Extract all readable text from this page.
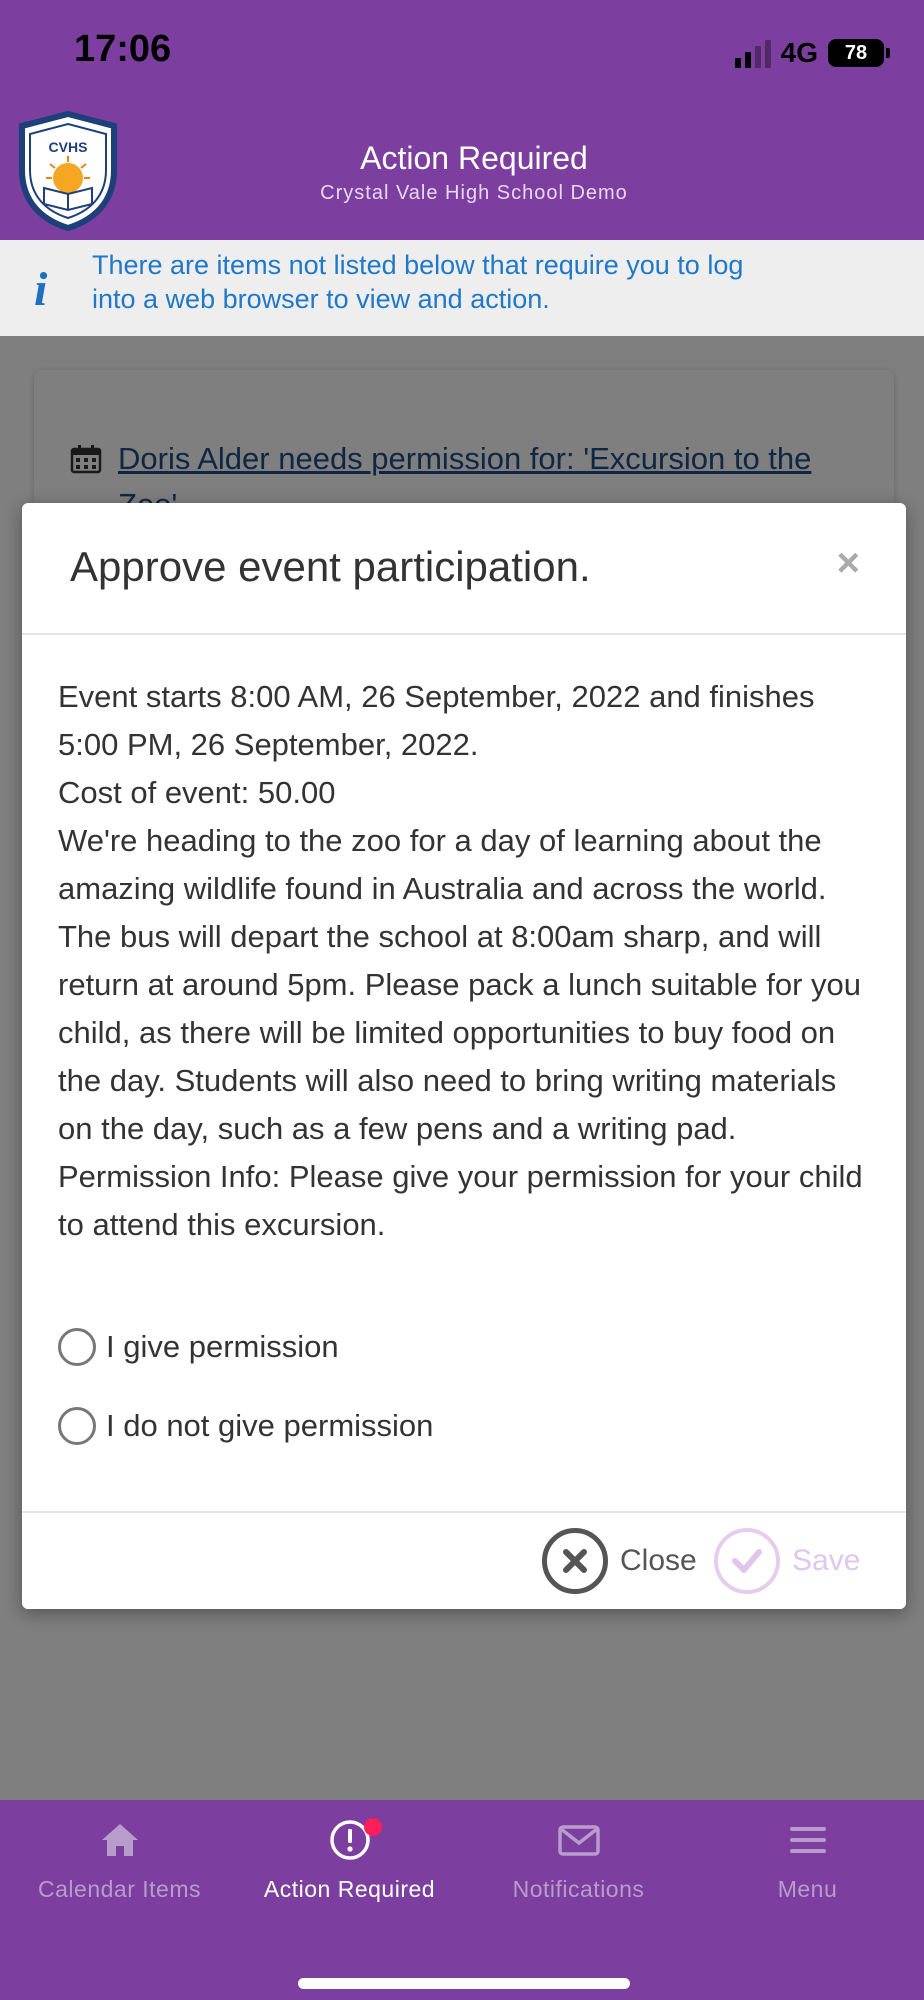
17:06	4G 78
CVHS	Action Required
Crystal Vale High School Demo
i There are items not listed below that require you to log into a web browser to view and action.
Approve event participation.	×

Event starts 8:00 AM, 26 September, 2022 and finishes 5:00 PM, 26 September, 2022.

Cost of event: 50.00

We're heading to the zoo for a day of learning about the amazing wildlife found in Australia and across the world. The bus will depart the school at 8:00am sharp, and will return at around 5pm. Please pack a lunch suitable for you child, as there will be limited opportunities to buy food on the day. Students will also need to bring writing materials on the day, such as a few pens and a writing pad.

Permission Info: Please give your permission for your child to attend this excursion.

I give permission
I do not give permission
Close	Save
Calendar Items	Action Required	Notifications	Menu
